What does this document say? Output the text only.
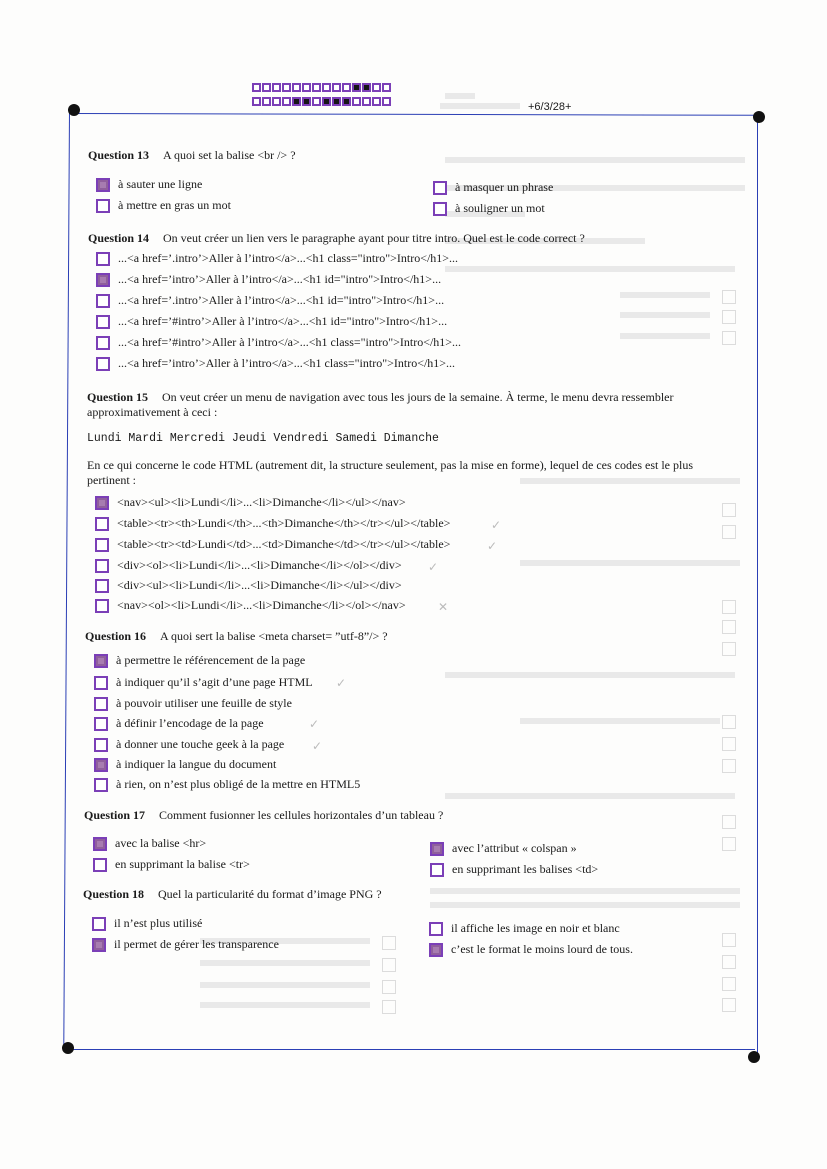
+6/3/28+
Question 13 A quoi set la balise <br /> ?
à sauter une ligne
à mettre en gras un mot
à masquer un phrase
à souligner un mot
Question 14 On veut créer un lien vers le paragraphe ayant pour titre intro. Quel est le code correct ?
...<a href=’.intro’>Aller à l’intro</a>...<h1 class="intro">Intro</h1>...
...<a href=’intro’>Aller à l’intro</a>...<h1 id="intro">Intro</h1>...
...<a href=’.intro’>Aller à l’intro</a>...<h1 id="intro">Intro</h1>...
...<a href=’#intro’>Aller à l’intro</a>...<h1 id="intro">Intro</h1>...
...<a href=’#intro’>Aller à l’intro</a>...<h1 class="intro">Intro</h1>...
...<a href=’intro’>Aller à l’intro</a>...<h1 class="intro">Intro</h1>...
Question 15 On veut créer un menu de navigation avec tous les jours de la semaine. À terme, le menu devra ressembler
approximativement à ceci :
Lundi Mardi Mercredi Jeudi Vendredi Samedi Dimanche
En ce qui concerne le code HTML (autrement dit, la structure seulement, pas la mise en forme), lequel de ces codes est le plus
pertinent :
<nav><ul><li>Lundi</li>...<li>Dimanche</li></ul></nav>
<table><tr><th>Lundi</th>...<th>Dimanche</th></tr></ul></table>
<table><tr><td>Lundi</td>...<td>Dimanche</td></tr></ul></table>
<div><ol><li>Lundi</li>...<li>Dimanche</li></ol></div>
<div><ul><li>Lundi</li>...<li>Dimanche</li></ul></div>
<nav><ol><li>Lundi</li>...<li>Dimanche</li></ol></nav>
✓
✓
✓
✕
Question 16 A quoi sert la balise <meta charset= ”utf-8”/> ?
à permettre le référencement de la page
à indiquer qu’il s’agit d’une page HTML
à pouvoir utiliser une feuille de style
à définir l’encodage de la page
à donner une touche geek à la page
à indiquer la langue du document
à rien, on n’est plus obligé de la mettre en HTML5
✓
✓
✓
Question 17 Comment fusionner les cellules horizontales d’un tableau ?
avec la balise <hr>
en supprimant la balise <tr>
avec l’attribut « colspan »
en supprimant les balises <td>
Question 18 Quel la particularité du format d’image PNG ?
il n’est plus utilisé
il permet de gérer les transparence
il affiche les image en noir et blanc
c’est le format le moins lourd de tous.
